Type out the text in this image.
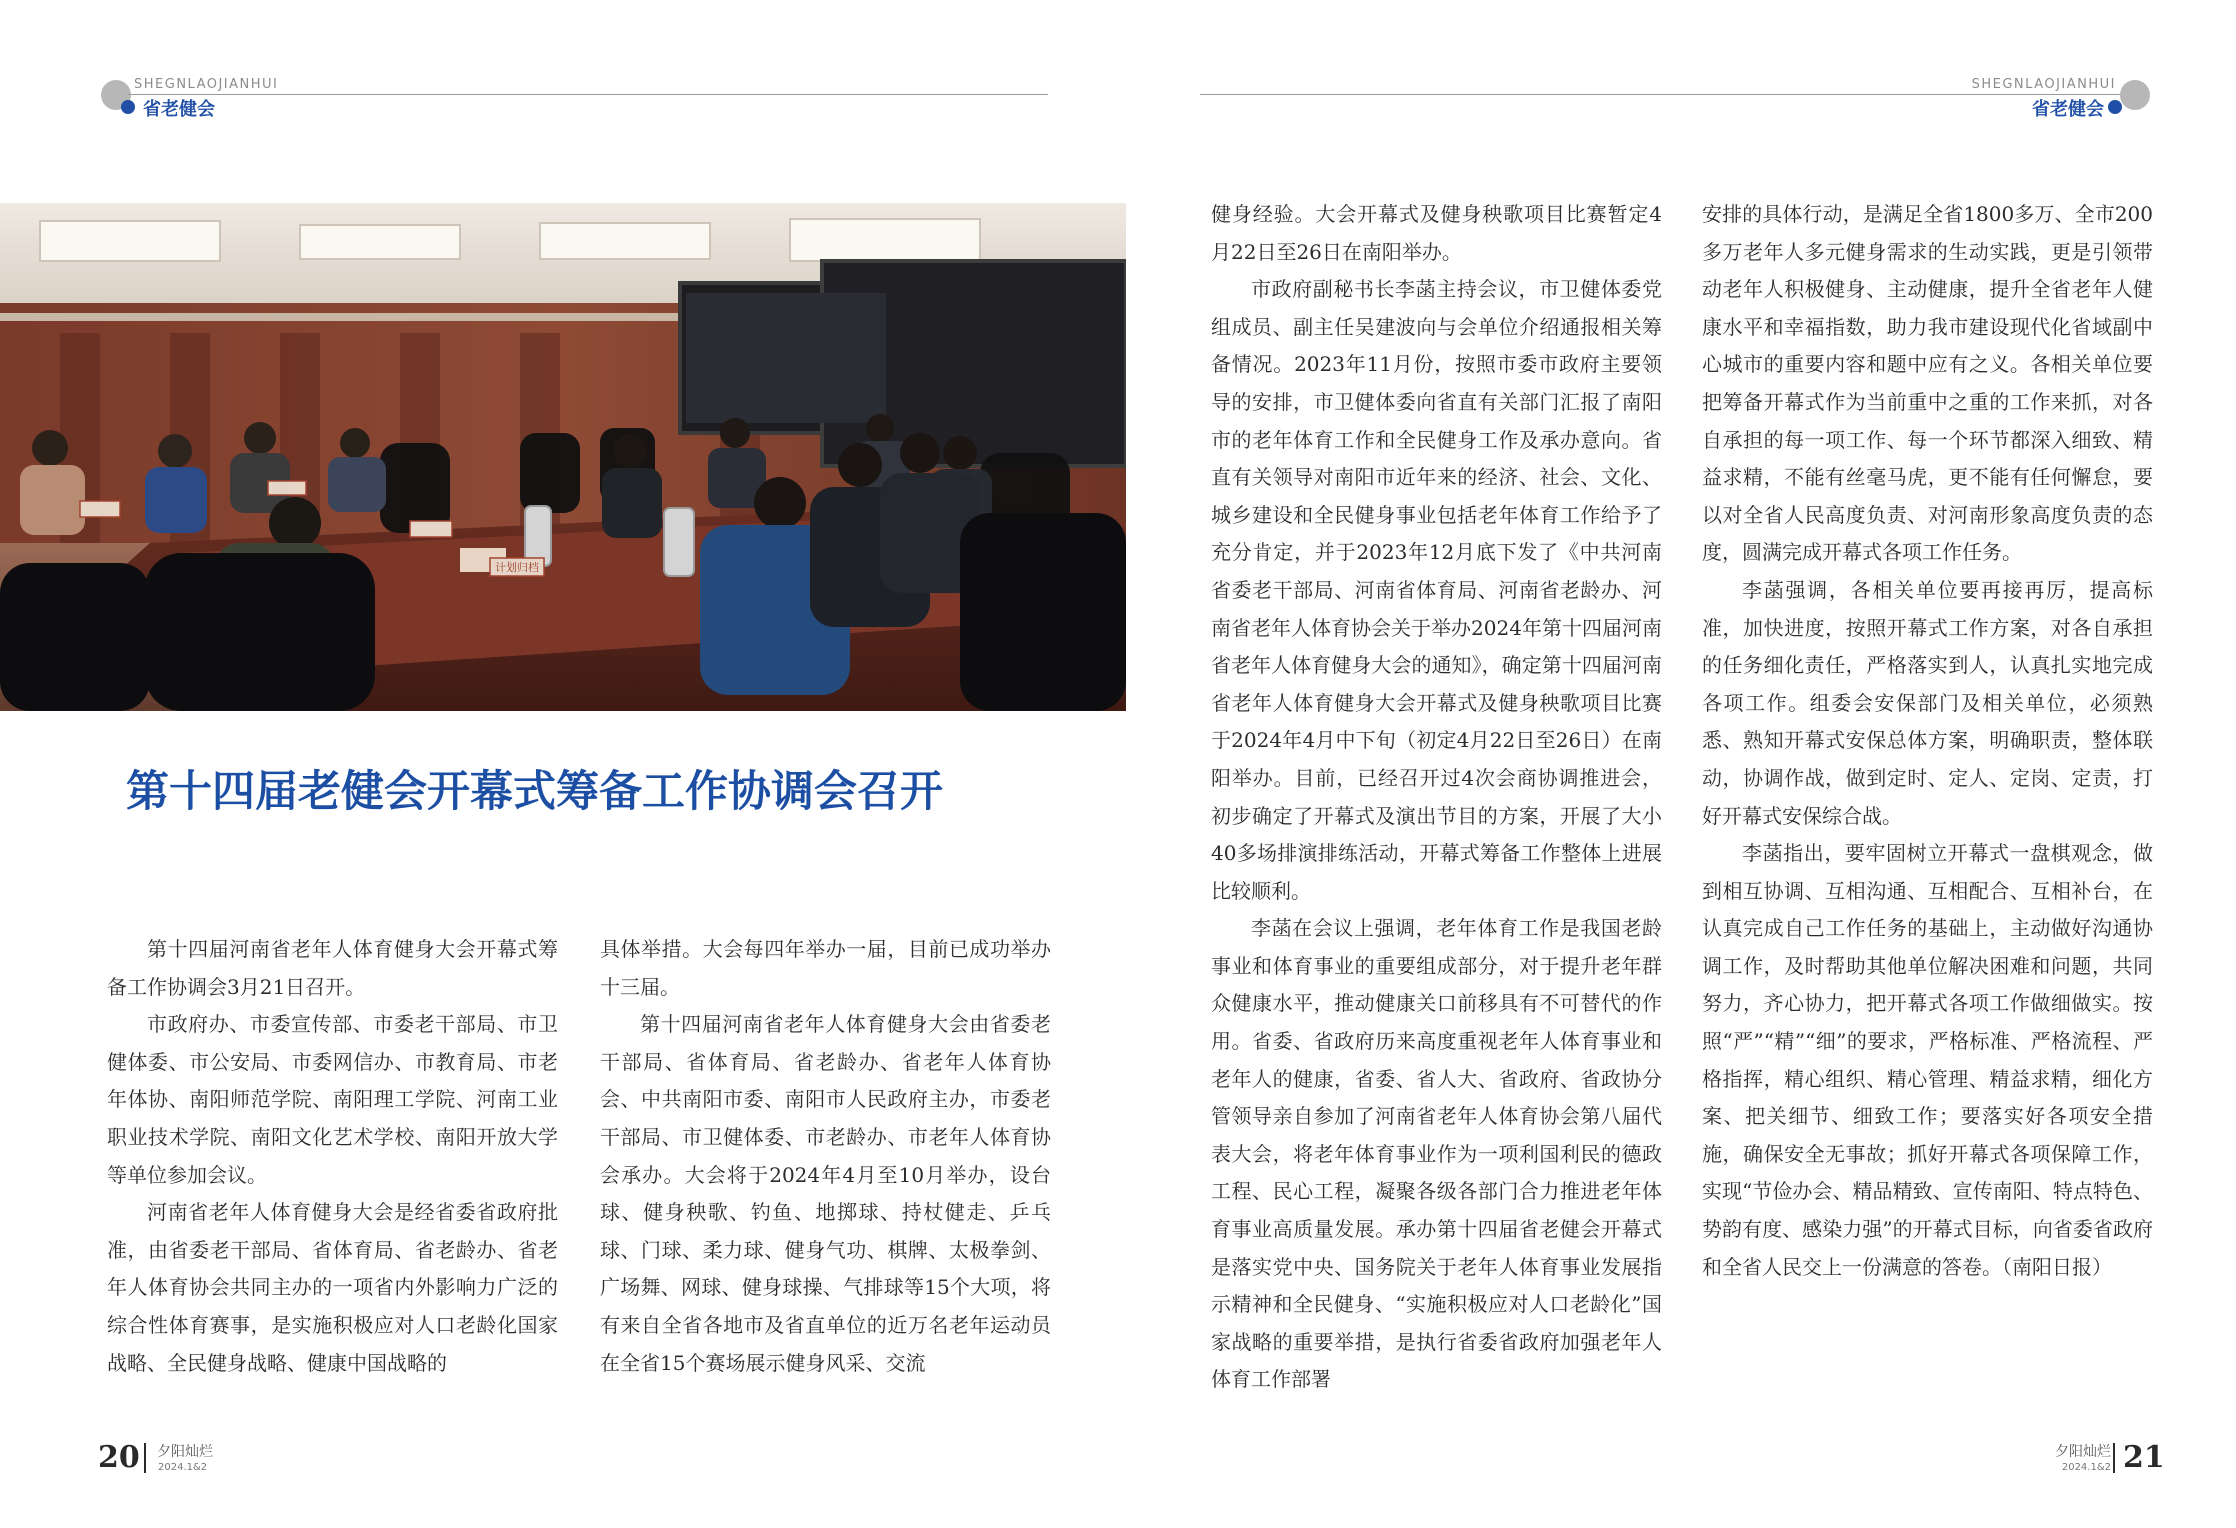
SHEGNLAOJIANHUI
省老健会
SHEGNLAOJIANHUI
省老健会
计划归档
第十四届老健会开幕式筹备工作协调会召开

第十四届河南省老年人体育健身大会开幕式筹备工作协调会3月21日召开。

市政府办、市委宣传部、市委老干部局、市卫健体委、市公安局、市委网信办、市教育局、市老年体协、南阳师范学院、南阳理工学院、河南工业职业技术学院、南阳文化艺术学校、南阳开放大学等单位参加会议。

河南省老年人体育健身大会是经省委省政府批准，由省委老干部局、省体育局、省老龄办、省老年人体育协会共同主办的一项省内外影响力广泛的综合性体育赛事，是实施积极应对人口老龄化国家战略、全民健身战略、健康中国战略的

具体举措。大会每四年举办一届，目前已成功举办十三届。

第十四届河南省老年人体育健身大会由省委老干部局、省体育局、省老龄办、省老年人体育协会、中共南阳市委、南阳市人民政府主办，市委老干部局、市卫健体委、市老龄办、市老年人体育协会承办。大会将于2024年4月至10月举办，设台球、健身秧歌、钓鱼、地掷球、持杖健走、乒乓球、门球、柔力球、健身气功、棋牌、太极拳剑、广场舞、网球、健身球操、气排球等15个大项，将有来自全省各地市及省直单位的近万名老年运动员在全省15个赛场展示健身风采、交流

健身经验。大会开幕式及健身秧歌项目比赛暂定4月22日至26日在南阳举办。

市政府副秘书长李菡主持会议，市卫健体委党组成员、副主任吴建波向与会单位介绍通报相关筹备情况。2023年11月份，按照市委市政府主要领导的安排，市卫健体委向省直有关部门汇报了南阳市的老年体育工作和全民健身工作及承办意向。省直有关领导对南阳市近年来的经济、社会、文化、城乡建设和全民健身事业包括老年体育工作给予了充分肯定，并于2023年12月底下发了《中共河南省委老干部局、河南省体育局、河南省老龄办、河南省老年人体育协会关于举办2024年第十四届河南省老年人体育健身大会的通知》，确定第十四届河南省老年人体育健身大会开幕式及健身秧歌项目比赛于2024年4月中下旬（初定4月22日至26日）在南阳举办。目前，已经召开过4次会商协调推进会，初步确定了开幕式及演出节目的方案，开展了大小40多场排演排练活动，开幕式筹备工作整体上进展比较顺利。

李菡在会议上强调，老年体育工作是我国老龄事业和体育事业的重要组成部分，对于提升老年群众健康水平，推动健康关口前移具有不可替代的作用。省委、省政府历来高度重视老年人体育事业和老年人的健康，省委、省人大、省政府、省政协分管领导亲自参加了河南省老年人体育协会第八届代表大会，将老年体育事业作为一项利国利民的德政工程、民心工程，凝聚各级各部门合力推进老年体育事业高质量发展。承办第十四届省老健会开幕式是落实党中央、国务院关于老年人体育事业发展指示精神和全民健身、“实施积极应对人口老龄化”国家战略的重要举措，是执行省委省政府加强老年人体育工作部署

安排的具体行动，是满足全省1800多万、全市200多万老年人多元健身需求的生动实践，更是引领带动老年人积极健身、主动健康，提升全省老年人健康水平和幸福指数，助力我市建设现代化省域副中心城市的重要内容和题中应有之义。各相关单位要把筹备开幕式作为当前重中之重的工作来抓，对各自承担的每一项工作、每一个环节都深入细致、精益求精，不能有丝毫马虎，更不能有任何懈怠，要以对全省人民高度负责、对河南形象高度负责的态度，圆满完成开幕式各项工作任务。

李菡强调，各相关单位要再接再厉，提高标准，加快进度，按照开幕式工作方案，对各自承担的任务细化责任，严格落实到人，认真扎实地完成各项工作。组委会安保部门及相关单位，必须熟悉、熟知开幕式安保总体方案，明确职责，整体联动，协调作战，做到定时、定人、定岗、定责，打好开幕式安保综合战。

李菡指出，要牢固树立开幕式一盘棋观念，做到相互协调、互相沟通、互相配合、互相补台，在认真完成自己工作任务的基础上，主动做好沟通协调工作，及时帮助其他单位解决困难和问题，共同努力，齐心协力，把开幕式各项工作做细做实。按照“严”“精”“细”的要求，严格标准、严格流程、严格指挥，精心组织、精心管理、精益求精，细化方案、把关细节、细致工作；要落实好各项安全措施，确保安全无事故；抓好开幕式各项保障工作，实现“节俭办会、精品精致、宣传南阳、特点特色、势韵有度、感染力强”的开幕式目标，向省委省政府和全省人民交上一份满意的答卷。（南阳日报）

20 夕阳灿烂
2024.1&2
夕阳灿烂
2024.1&2 21
